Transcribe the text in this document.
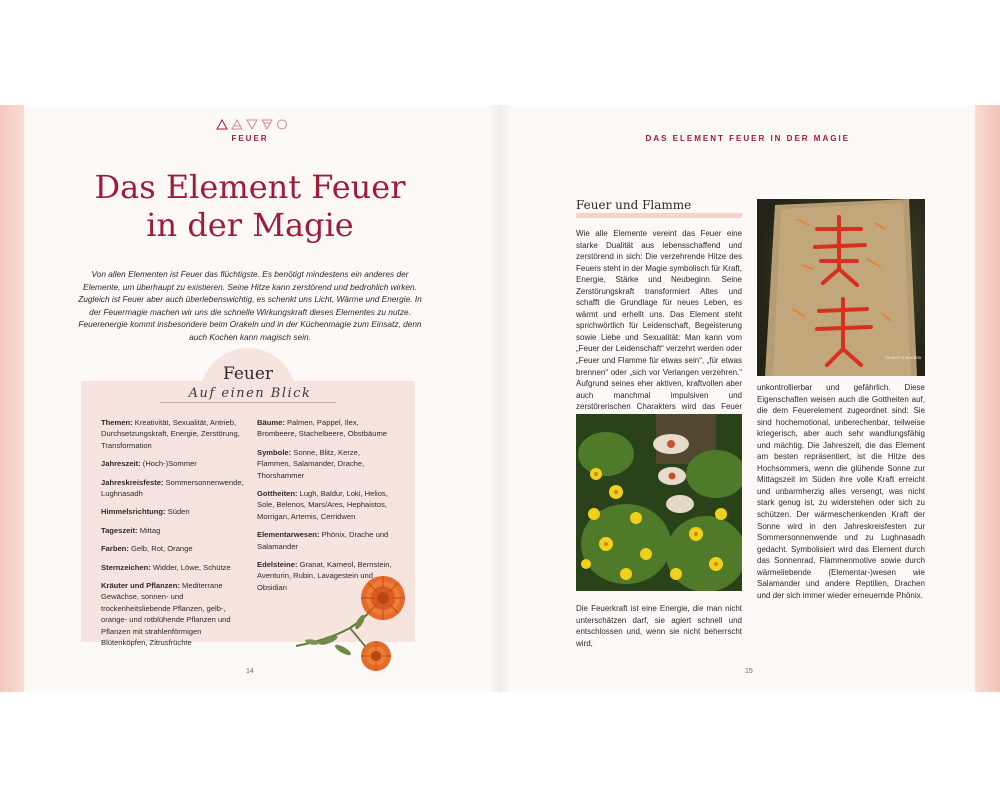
FEUER	DAS ELEMENT FEUER IN DER MAGIE
Das Element Feuer
in der Magie

Von allen Elementen ist Feuer das flüchtigste. Es benötigt mindestens ein anderes der Elemente, um überhaupt zu existieren. Seine Hitze kann zerstörend und bedrohlich wirken. Zugleich ist Feuer aber auch überlebenswichtig, es schenkt uns Licht, Wärme und Energie. In der Feuermagie machen wir uns die schnelle Wirkungskraft dieses Elementes zu nutze. Feuerenergie kommt insbesondere beim Orakeln und in der Küchenmagie zum Einsatz, denn auch Kochen kann magisch sein.

Feuer
Auf einen Blick

Themen: Kreativität, Sexualität, Antrieb, Durchsetzungskraft, Energie, Zerstörung, Transformation

Jahreszeit: (Hoch-)Sommer

Jahreskreisfeste: Sommersonnenwende, Lughnasadh

Himmelsrichtung: Süden

Tageszeit: Mittag

Farben: Gelb, Rot, Orange

Sternzeichen: Widder, Löwe, Schütze

Kräuter und Pflanzen: Mediterrane Gewächse, sonnen- und trockenheitsliebende Pflanzen, gelb-, orange- und rotblühende Pflanzen und Pflanzen mit strahlenförmigen Blütenköpfen, Zitrusfrüchte

Bäume: Palmen, Pappel, Ilex, Brombeere, Stachelbeere, Obstbäume

Symbole: Sonne, Blitz, Kerze, Flammen, Salamander, Drache, Thorshammer

Gottheiten: Lugh, Baldur, Loki, Helios, Sole, Belenos, Mars/Ares, Hephaistos, Morrigan, Artemis, Cerridwen

Elementarwesen: Phönix, Drache und Salamander

Edelsteine: Granat, Karneol, Bernstein, Aventurin, Rubin, Lavagestein und Obsidian

14
Feuer und Flamme

Wie alle Elemente vereint das Feuer eine starke Dualität aus lebensschaffend und zerstörend in sich: Die verzehrende Hitze des Feuers steht in der Magie symbolisch für Kraft, Energie, Stärke und Neubeginn. Seine Zerstörungskraft transformiert Altes und schafft die Grundlage für neues Leben, es wärmt und erhellt uns. Das Element steht sprichwörtlich für Leidenschaft, Begeisterung sowie Liebe und Sexualität: Man kann vom „Feuer der Leidenschaft“ verzehrt werden oder „Feuer und Flamme für etwas sein“, „für etwas brennen“ oder „sich vor Verlangen verzehren.“ Aufgrund seines eher aktiven, kraftvollen aber auch manchmal impulsiven und zerstörerischen Charakters wird das Feuer

Ekaterina Bardina

Die Feuerkraft ist eine Energie, die man nicht unterschätzen darf, sie agiert schnell und entschlossen und, wenn sie nicht beherrscht wird,

unkontrollierbar und gefährlich. Diese Eigenschaften weisen auch die Gottheiten auf, die dem Feuerelement zugeordnet sind: Sie sind hochemotional, unberechenbar, teilweise kriegerisch, aber auch sehr wandlungsfähig und mächtig. Die Jahreszeit, die das Element am besten repräsentiert, ist die Hitze des Hochsommers, wenn die glühende Sonne zur Mittagszeit im Süden ihre volle Kraft erreicht und unbarmherzig alles versengt, was nicht stark genug ist, zu widerstehen oder sich zu schützen. Der wärmeschenkenden Kraft der Sonne wird in den Jahreskreisfesten zur Sommersonnenwende und zu Lughnasadh gedacht. Symbolisiert wird das Element durch das Sonnenrad, Flammenmotive sowie durch wärmeliebende (Elementar-)wesen wie Salamander und andere Reptilien, Drachen und der sich immer wieder erneuernde Phönix.

15
